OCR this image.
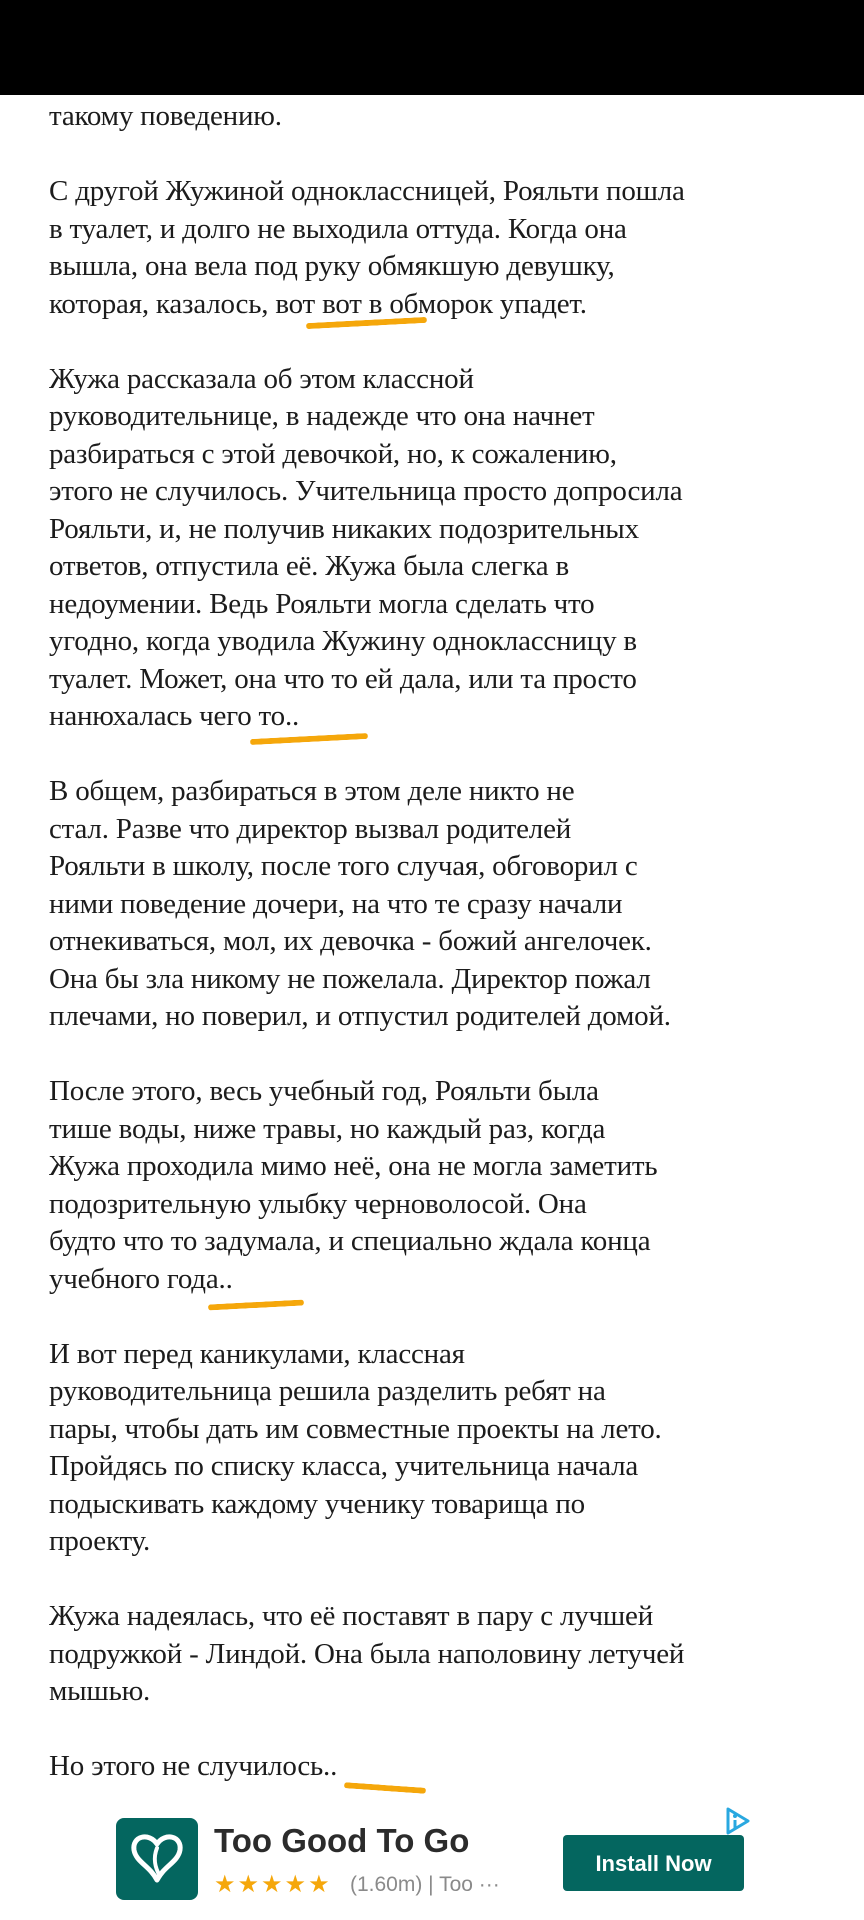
такому поведению.
С другой Жужиной одноклассницей, Рояльти пошла
в туалет, и долго не выходила оттуда. Когда она
вышла, она вела под руку обмякшую девушку,
которая, казалось, вот вот в обморок упадет.
Жужа рассказала об этом классной
руководительнице, в надежде что она начнет
разбираться с этой девочкой, но, к сожалению,
этого не случилось. Учительница просто допросила
Рояльти, и, не получив никаких подозрительных
ответов, отпустила её. Жужа была слегка в
недоумении. Ведь Рояльти могла сделать что
угодно, когда уводила Жужину одноклассницу в
туалет. Может, она что то ей дала, или та просто
нанюхалась чего то..
В общем, разбираться в этом деле никто не
стал. Разве что директор вызвал родителей
Рояльти в школу, после того случая, обговорил с
ними поведение дочери, на что те сразу начали
отнекиваться, мол, их девочка - божий ангелочек.
Она бы зла никому не пожелала. Директор пожал
плечами, но поверил, и отпустил родителей домой.
После этого, весь учебный год, Рояльти была
тише воды, ниже травы, но каждый раз, когда
Жужа проходила мимо неё, она не могла заметить
подозрительную улыбку черноволосой. Она
будто что то задумала, и специально ждала конца
учебного года..
И вот перед каникулами, классная
руководительница решила разделить ребят на
пары, чтобы дать им совместные проекты на лето.
Пройдясь по списку класса, учительница начала
подыскивать каждому ученику товарища по
проекту.
Жужа надеялась, что её поставят в пару с лучшей
подружкой - Линдой. Она была наполовину летучей
мышью.
Но этого не случилось..
Too Good To Go
★★★★★ (1.60m) | Too ···
Install Now
